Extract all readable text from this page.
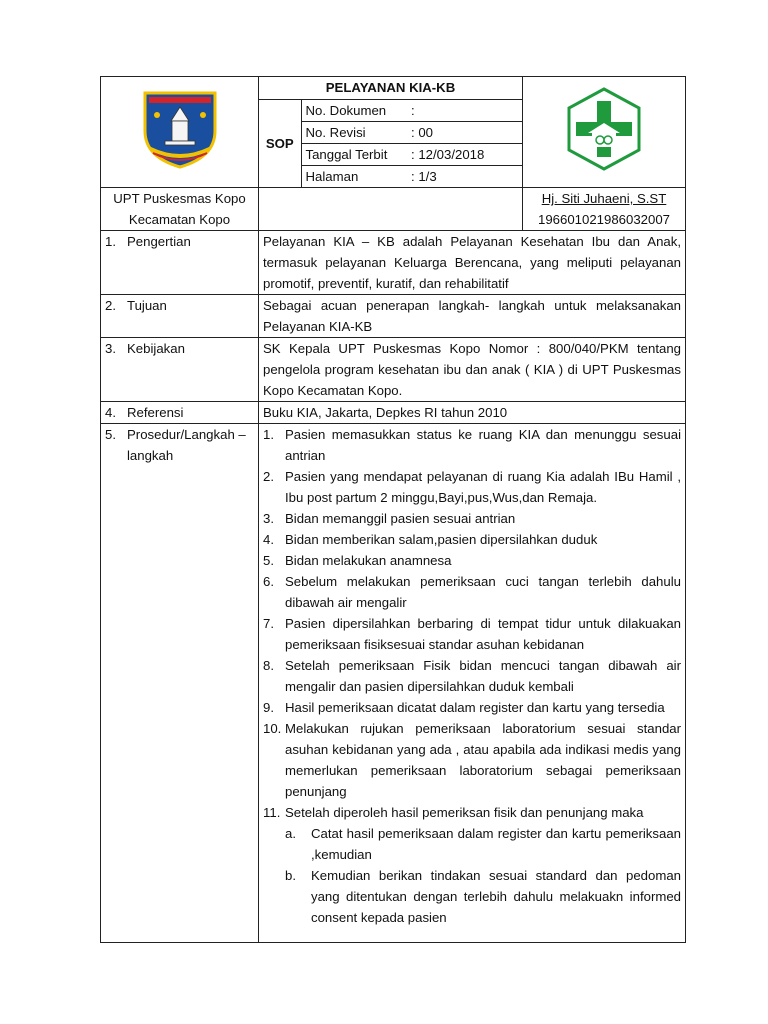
PELAYANAN KIA-KB
SOP	No. Dokumen	:
No. Revisi	: 00
Tanggal Terbit	: 12/03/2018
Halaman	: 1/3

UPT Puskesmas Kopo
Kecamatan Kopo

Hj. Siti Juhaeni, S.ST
196601021986032007

1. Pengertian	Pelayanan KIA – KB adalah Pelayanan Kesehatan Ibu dan Anak, termasuk pelayanan Keluarga Berencana, yang meliputi pelayanan promotif, preventif, kuratif, dan rehabilitatif

2. Tujuan	Sebagai acuan penerapan langkah- langkah untuk melaksanakan Pelayanan KIA-KB

3. Kebijakan	SK Kepala UPT Puskesmas Kopo Nomor : 800/040/PKM tentang pengelola program kesehatan ibu dan anak ( KIA ) di UPT Puskesmas Kopo Kecamatan Kopo.

4. Referensi	Buku KIA, Jakarta, Depkes RI tahun 2010

5. Prosedur/Langkah – langkah

1. Pasien memasukkan status ke ruang KIA dan menunggu sesuai antrian
2. Pasien yang mendapat pelayanan di ruang Kia adalah IBu Hamil , Ibu post partum 2 minggu,Bayi,pus,Wus,dan Remaja.
3. Bidan memanggil pasien sesuai antrian
4. Bidan memberikan salam,pasien dipersilahkan duduk
5. Bidan melakukan anamnesa
6. Sebelum melakukan pemeriksaan cuci tangan terlebih dahulu dibawah air mengalir
7. Pasien dipersilahkan berbaring di tempat tidur untuk dilakuakan pemeriksaan fisiksesuai standar asuhan kebidanan
8. Setelah pemeriksaan Fisik bidan mencuci tangan dibawah air mengalir dan pasien dipersilahkan duduk kembali
9. Hasil pemeriksaan dicatat dalam register dan kartu yang tersedia
10. Melakukan rujukan pemeriksaan laboratorium sesuai standar asuhan kebidanan yang ada , atau apabila ada indikasi medis yang memerlukan pemeriksaan laboratorium sebagai pemeriksaan penunjang
11. Setelah diperoleh hasil pemeriksan fisik dan penunjang maka
a.	Catat hasil pemeriksaan dalam register dan kartu pemeriksaan ,kemudian
b.	Kemudian berikan tindakan sesuai standard dan pedoman yang ditentukan dengan terlebih dahulu melakuakn informed consent kepada pasien
